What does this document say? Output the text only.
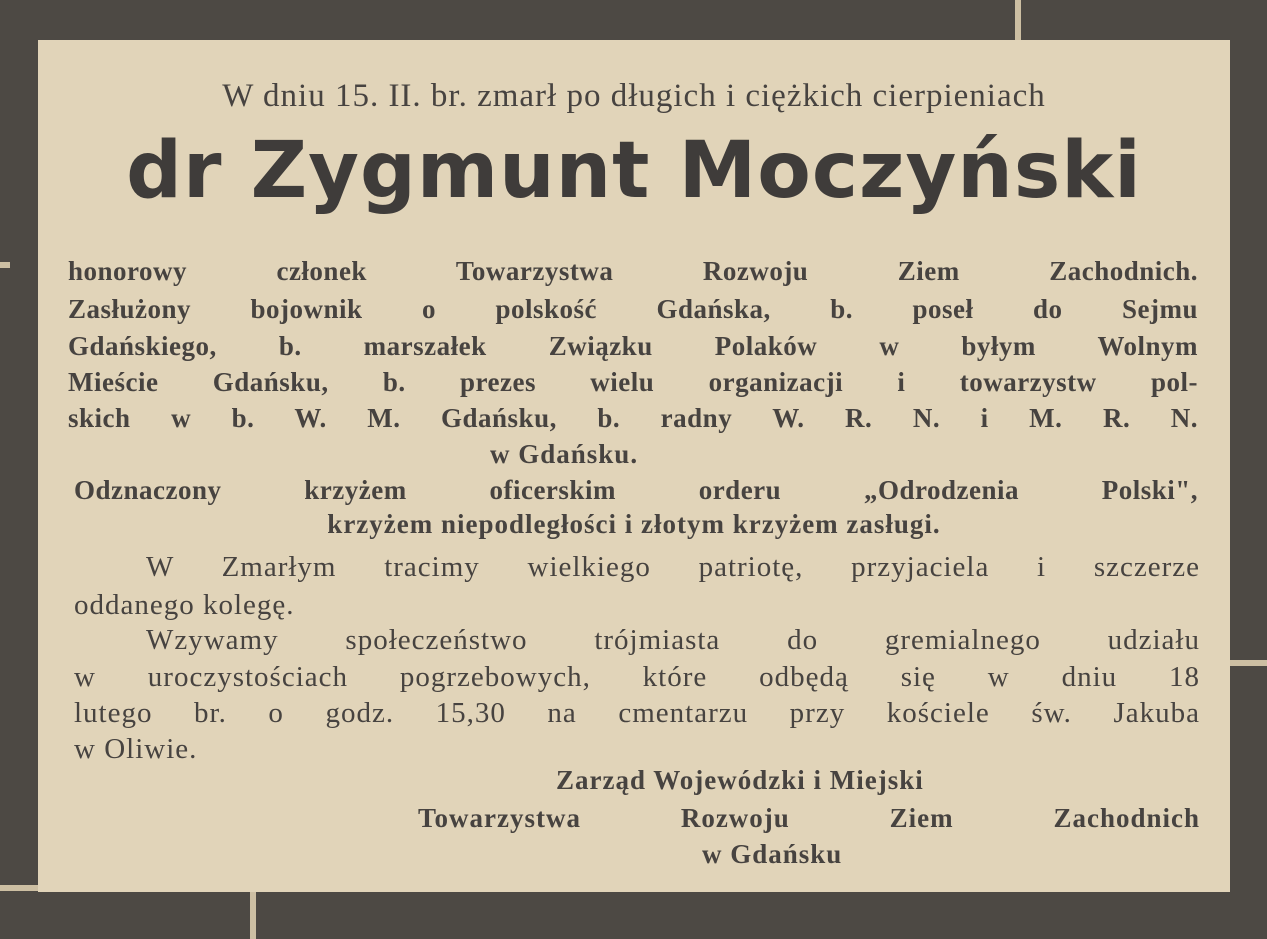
W dniu 15. II. br. zmarł po długich i ciężkich cierpieniach
dr Zygmunt Moczyński
honorowy członek Towarzystwa Rozwoju Ziem Zachodnich.
Zasłużony bojownik o polskość Gdańska, b. poseł do Sejmu
Gdańskiego, b. marszałek Związku Polaków w byłym Wolnym
Mieście Gdańsku, b. prezes wielu organizacji i towarzystw pol-
skich w b. W. M. Gdańsku, b. radny W. R. N. i M. R. N.
w Gdańsku.
Odznaczony krzyżem oficerskim orderu „Odrodzenia Polski",
krzyżem niepodległości i złotym krzyżem zasługi.
W Zmarłym tracimy wielkiego patriotę, przyjaciela i szczerze
oddanego kolegę.
Wzywamy społeczeństwo trójmiasta do gremialnego udziału
w uroczystościach pogrzebowych, które odbędą się w dniu 18
lutego br. o godz. 15,30 na cmentarzu przy kościele św. Jakuba
w Oliwie.
Zarząd Wojewódzki i Miejski
Towarzystwa Rozwoju Ziem Zachodnich
w Gdańsku
